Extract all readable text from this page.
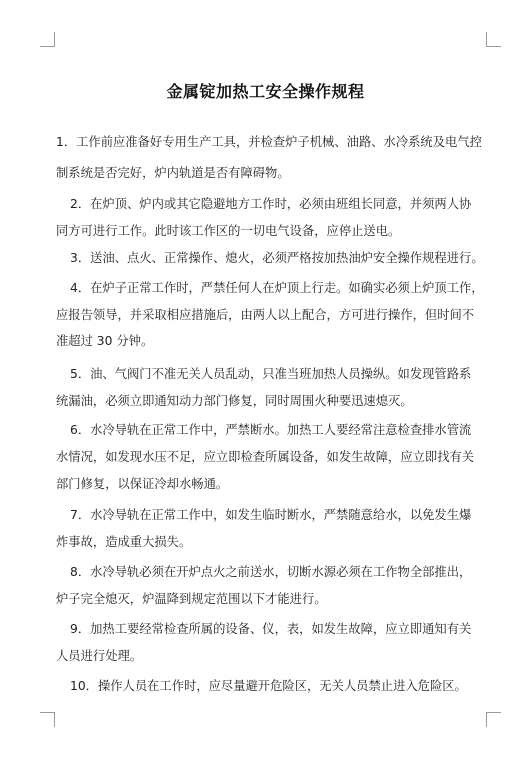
金属锭加热工安全操作规程
1．工作前应准备好专用生产工具，并检查炉子机械、油路、水冷系统及电气控
制系统是否完好，炉内轨道是否有障碍物。
2．在炉顶、炉内或其它隐避地方工作时，必须由班组长同意，并须两人协
同方可进行工作。此时该工作区的一切电气设备，应停止送电。
3．送油、点火、正常操作、熄火，必须严格按加热油炉安全操作规程进行。
4．在炉子正常工作时，严禁任何人在炉顶上行走。如确实必须上炉顶工作，
应报告领导，并采取相应措施后，由两人以上配合，方可进行操作，但时间不
准超过 30 分钟。
5．油、气阀门不准无关人员乱动，只准当班加热人员操纵。如发现管路系
统漏油，必须立即通知动力部门修复，同时周围火种要迅速熄灭。
6．水冷导轨在正常工作中，严禁断水。加热工人要经常注意检查排水管流
水情况，如发现水压不足，应立即检查所属设备，如发生故障，应立即找有关
部门修复，以保证冷却水畅通。
7．水冷导轨在正常工作中，如发生临时断水，严禁随意给水，以免发生爆
炸事故，造成重大损失。
8．水冷导轨必须在开炉点火之前送水，切断水源必须在工作物全部推出，
炉子完全熄灭，炉温降到规定范围以下才能进行。
9．加热工要经常检查所属的设备、仪，表，如发生故障，应立即通知有关
人员进行处理。
10．操作人员在工作时，应尽量避开危险区，无关人员禁止进入危险区。
